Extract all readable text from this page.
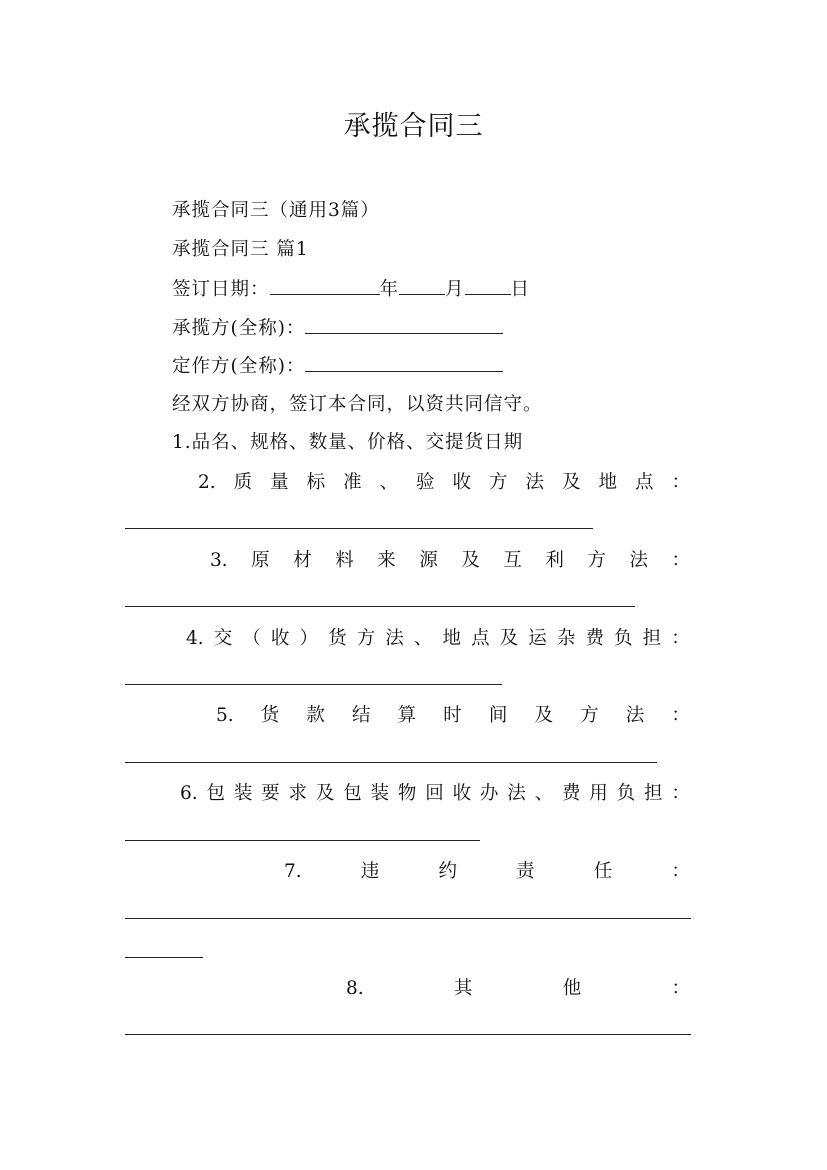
承揽合同三
承揽合同三（通用3篇）
承揽合同三 篇1
签订日期：	年 月 日
承揽方(全称)：
定作方(全称)：
经双方协商，签订本合同，以资共同信守。
1.品名、规格、数量、价格、交提货日期
2. 质 量 标 准 、 验 收 方 法 及 地 点 ：
3. 原 材 料 来 源 及 互 利 方 法 ：
4. 交 （ 收 ） 货 方 法 、 地 点 及 运 杂 费 负 担 ：
5. 货 款 结 算 时 间 及 方 法 ：
6. 包 装 要 求 及 包 装 物 回 收 办 法 、 费 用 负 担 ：
7.	违	约	责	任	：
8.	其	他	：
